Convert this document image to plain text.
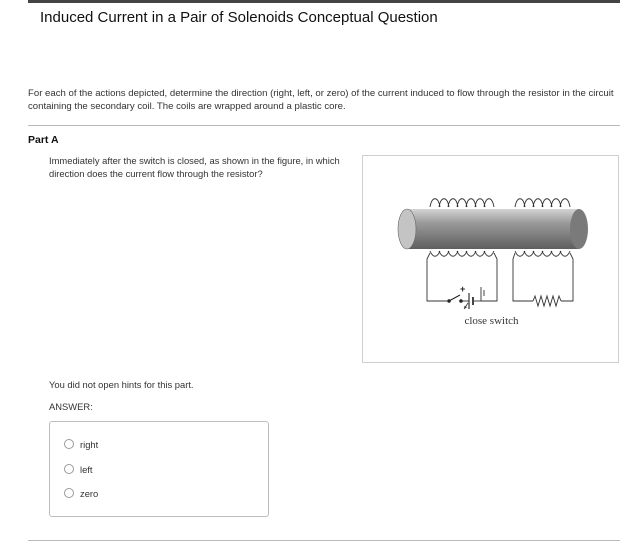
Induced Current in a Pair of Solenoids Conceptual Question
For each of the actions depicted, determine the direction (right, left, or zero) of the current induced to flow through the resistor in the circuit containing the secondary coil. The coils are wrapped around a plastic core.
Part A
Immediately after the switch is closed, as shown in the figure, in which direction does the current flow through the resistor?
+
close switch
You did not open hints for this part.
ANSWER:
right
left
zero
